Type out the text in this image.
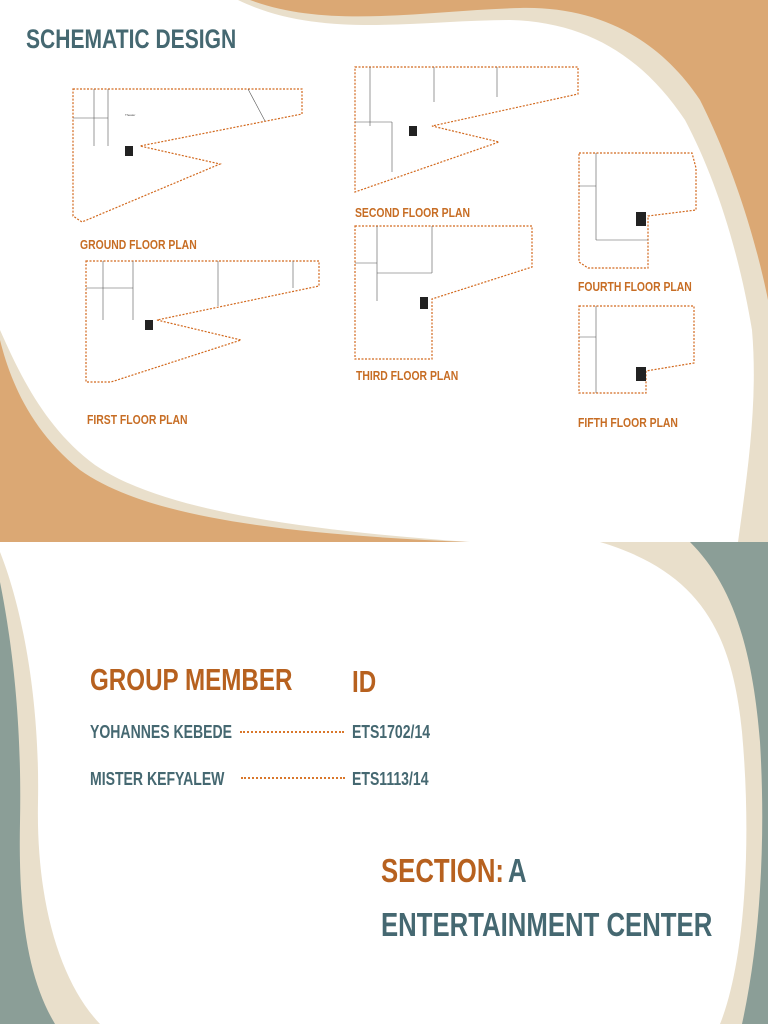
SCHEMATIC DESIGN

Theater

GROUND FLOOR PLAN

FIRST FLOOR PLAN

SECOND FLOOR PLAN

THIRD FLOOR PLAN

FOURTH FLOOR PLAN

FIFTH FLOOR PLAN

GROUP MEMBER ID

YOHANNES KEBEDE	ETS1702/14

MISTER KEFYALEW	ETS1113/14

SECTION: A

ENTERTAINMENT CENTER
